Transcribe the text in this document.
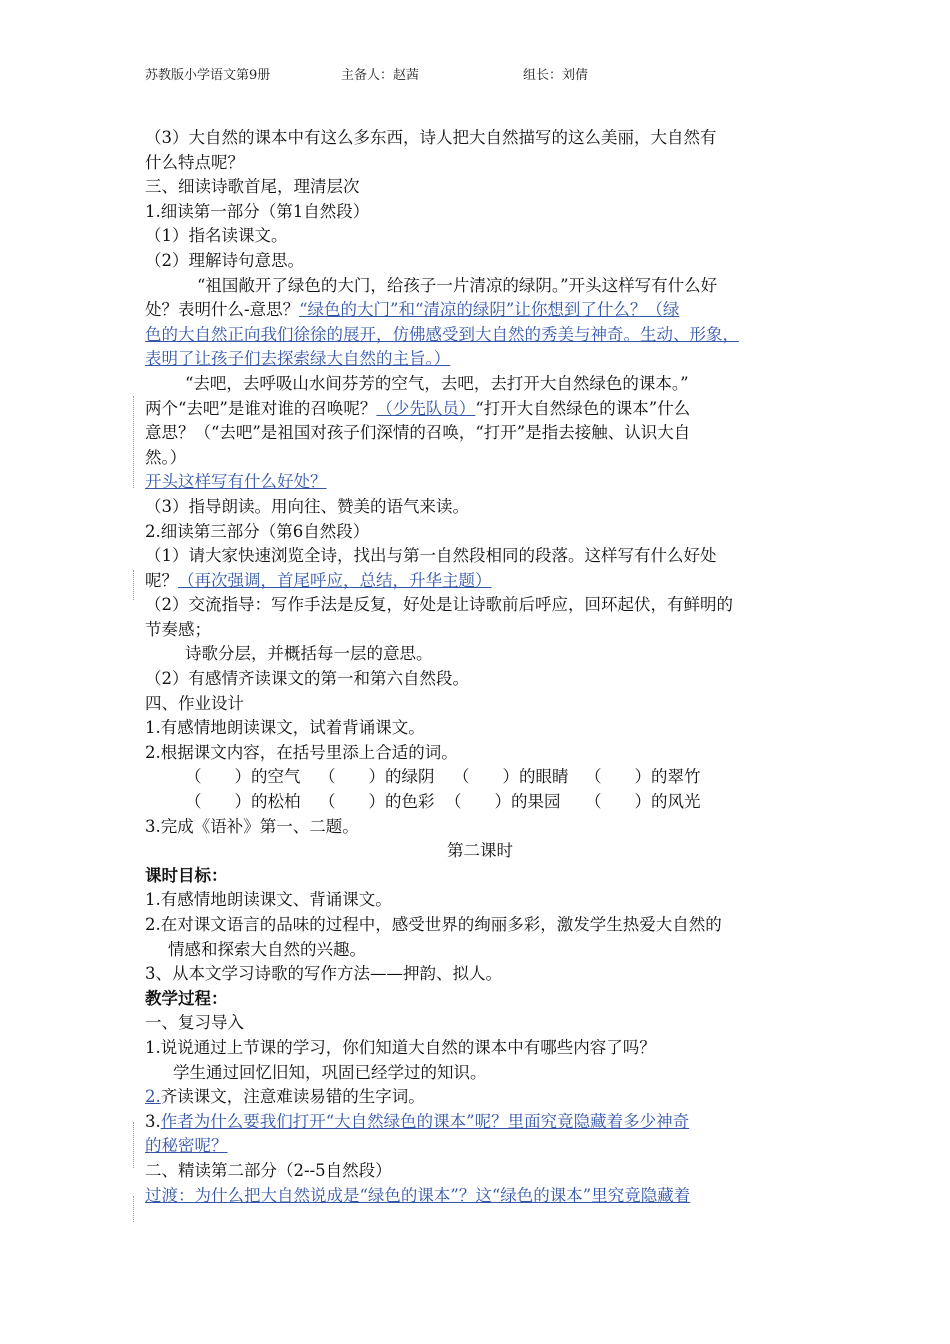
苏教版小学语文第9册	主备人：赵茜	组长：刘倩
（3）大自然的课本中有这么多东西，诗人把大自然描写的这么美丽，大自然有
什么特点呢？
三、细读诗歌首尾，理清层次
1.细读第一部分（第1自然段）
（1）指名读课文。
（2）理解诗句意思。
“祖国敞开了绿色的大门，给孩子一片清凉的绿阴。”开头这样写有什么好
处？表明什么-意思？“绿色的大门”和“清凉的绿阴”让你想到了什么？（绿
色的大自然正向我们徐徐的展开，仿佛感受到大自然的秀美与神奇。生动、形象，
表明了让孩子们去探索绿大自然的主旨。）
“去吧，去呼吸山水间芬芳的空气，去吧，去打开大自然绿色的课本。”
两个“去吧”是谁对谁的召唤呢？（少先队员）“打开大自然绿色的课本”什么
意思？（“去吧”是祖国对孩子们深情的召唤，“打开”是指去接触、认识大自
然。）
开头这样写有什么好处？
（3）指导朗读。用向往、赞美的语气来读。
2.细读第三部分（第6自然段）
（1）请大家快速浏览全诗，找出与第一自然段相同的段落。这样写有什么好处
呢？（再次强调，首尾呼应，总结，升华主题）
（2）交流指导：写作手法是反复，好处是让诗歌前后呼应，回环起伏，有鲜明的
节奏感；
诗歌分层，并概括每一层的意思。
（2）有感情齐读课文的第一和第六自然段。
四、作业设计
1.有感情地朗读课文，试着背诵课文。
2.根据课文内容，在括号里添上合适的词。
（　　）的空气 （　　）的绿阴 （　　）的眼睛 （　　）的翠竹
（　　）的松柏 （　　）的色彩 （　　）的果园 （　　）的风光
3.完成《语补》第一、二题。
第二课时
课时目标：
1.有感情地朗读课文、背诵课文。
2.在对课文语言的品味的过程中，感受世界的绚丽多彩，激发学生热爱大自然的
情感和探索大自然的兴趣。
3、从本文学习诗歌的写作方法——押韵、拟人。
教学过程：
一、复习导入
1.说说通过上节课的学习，你们知道大自然的课本中有哪些内容了吗？
学生通过回忆旧知，巩固已经学过的知识。
2.齐读课文，注意难读易错的生字词。
3.作者为什么要我们打开“大自然绿色的课本”呢？里面究竟隐藏着多少神奇
的秘密呢？
二、精读第二部分（2--5自然段）
过渡：为什么把大自然说成是“绿色的课本”？这“绿色的课本”里究竟隐藏着
